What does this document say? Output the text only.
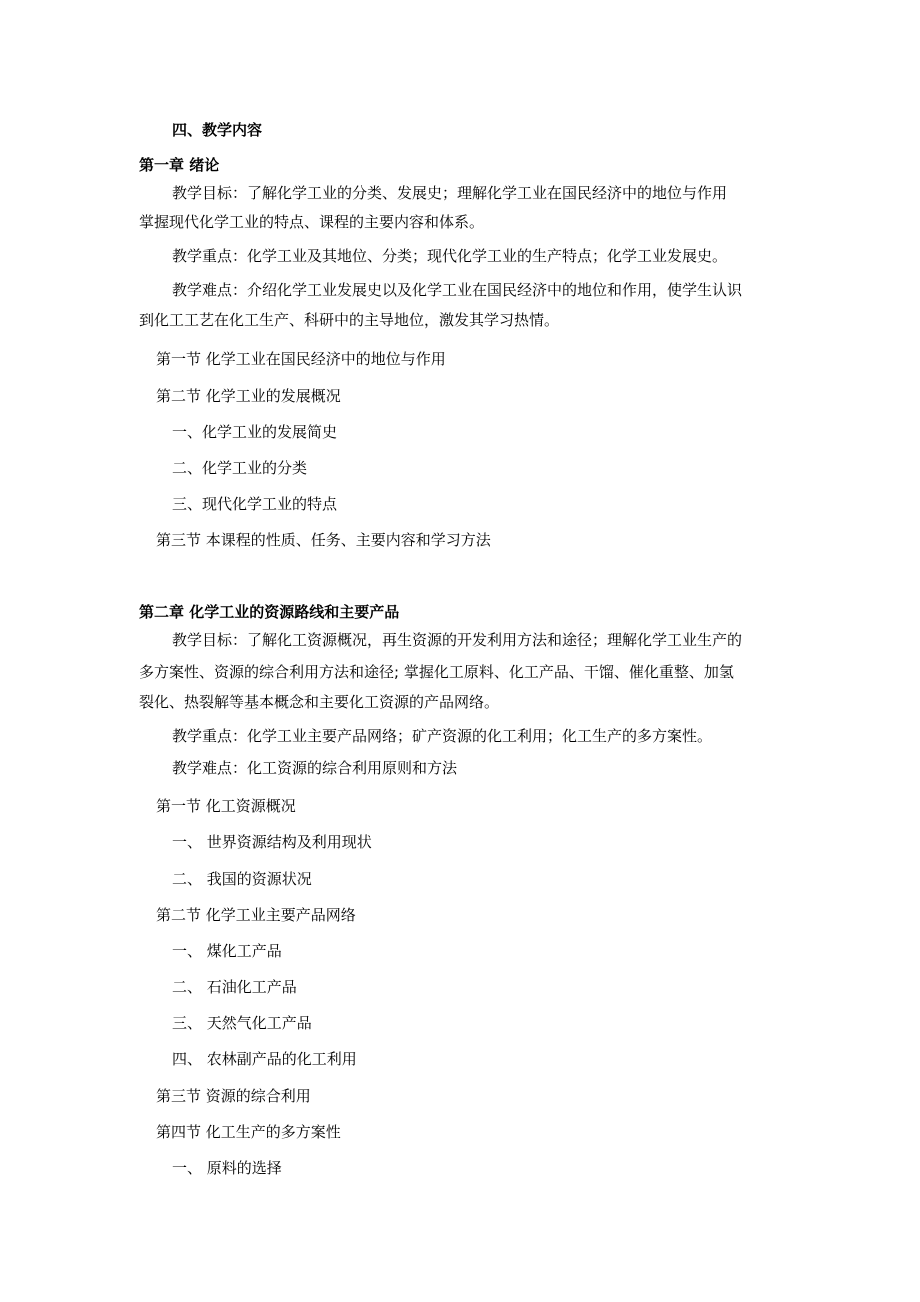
四、教学内容
第一章 绪论
教学目标：了解化学工业的分类、发展史；理解化学工业在国民经济中的地位与作用
掌握现代化学工业的特点、课程的主要内容和体系。
教学重点：化学工业及其地位、分类；现代化学工业的生产特点；化学工业发展史。
教学难点：介绍化学工业发展史以及化学工业在国民经济中的地位和作用，使学生认识
到化工工艺在化工生产、科研中的主导地位，激发其学习热情。
第一节 化学工业在国民经济中的地位与作用
第二节 化学工业的发展概况
一、化学工业的发展简史
二、化学工业的分类
三、现代化学工业的特点
第三节 本课程的性质、任务、主要内容和学习方法
第二章 化学工业的资源路线和主要产品
教学目标：了解化工资源概况，再生资源的开发利用方法和途径；理解化学工业生产的
多方案性、资源的综合利用方法和途径; 掌握化工原料、化工产品、干馏、催化重整、加氢
裂化、热裂解等基本概念和主要化工资源的产品网络。
教学重点：化学工业主要产品网络；矿产资源的化工利用；化工生产的多方案性。
教学难点：化工资源的综合利用原则和方法
第一节 化工资源概况
一、 世界资源结构及利用现状
二、 我国的资源状况
第二节 化学工业主要产品网络
一、 煤化工产品
二、 石油化工产品
三、 天然气化工产品
四、 农林副产品的化工利用
第三节 资源的综合利用
第四节 化工生产的多方案性
一、 原料的选择
